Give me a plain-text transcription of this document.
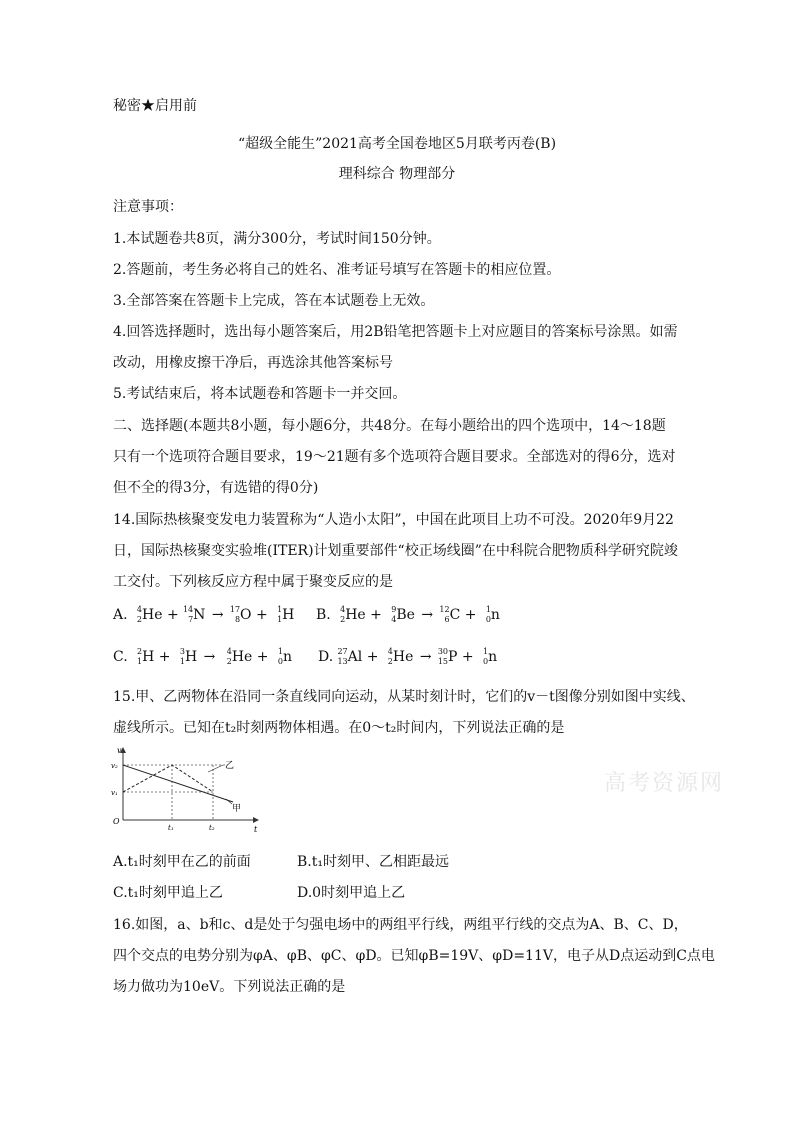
秘密★启用前
“超级全能生”2021高考全国卷地区5月联考丙卷(B)
理科综合 物理部分
注意事项：
1.本试题卷共8页，满分300分，考试时间150分钟。
2.答题前，考生务必将自己的姓名、准考证号填写在答题卡的相应位置。
3.全部答案在答题卡上完成，答在本试题卷上无效。
4.回答选择题时，选出每小题答案后，用2B铅笔把答题卡上对应题目的答案标号涂黑。如需
改动，用橡皮擦干净后，再选涂其他答案标号
5.考试结束后，将本试题卷和答题卡一并交回。
二、选择题(本题共8小题，每小题6分，共48分。在每小题给出的四个选项中，14～18题
只有一个选项符合题目要求，19～21题有多个选项符合题目要求。全部选对的得6分，选对
但不全的得3分，有选错的得0分)
14.国际热核聚变发电力装置称为“人造小太阳”，中国在此项目上功不可没。2020年9月22
日，国际热核聚变实验堆(ITER)计划重要部件“校正场线圈”在中科院合肥物质科学研究院竣
工交付。下列核反应方程中属于聚变反应的是
A. 4
2 He + 14
7 N → 17
8 O + 1
1 H B. 4
2 He + 9
4 Be → 12
6 C + 1
0 n
C. 2
1 H + 3
1 H → 4
2 He + 1
0 n D. 27
13 Al + 4
2 He → 30
15 P + 1
0 n
15.甲、乙两物体在沿同一条直线同向运动，从某时刻计时，它们的v－t图像分别如图中实线、
虚线所示。已知在t₂时刻两物体相遇。在0～t₂时间内，下列说法正确的是
v
t
O
v₂
v₁
t₁	t₂
乙
甲
A.t₁时刻甲在乙的前面	B.t₁时刻甲、乙相距最远
C.t₁时刻甲追上乙	D.0时刻甲追上乙
16.如图，a、b和c、d是处于匀强电场中的两组平行线，两组平行线的交点为A、B、C、D，
四个交点的电势分别为φA、φB、φC、φD。已知φB=19V、φD=11V，电子从D点运动到C点电
场力做功为10eV。下列说法正确的是
高考资源网
